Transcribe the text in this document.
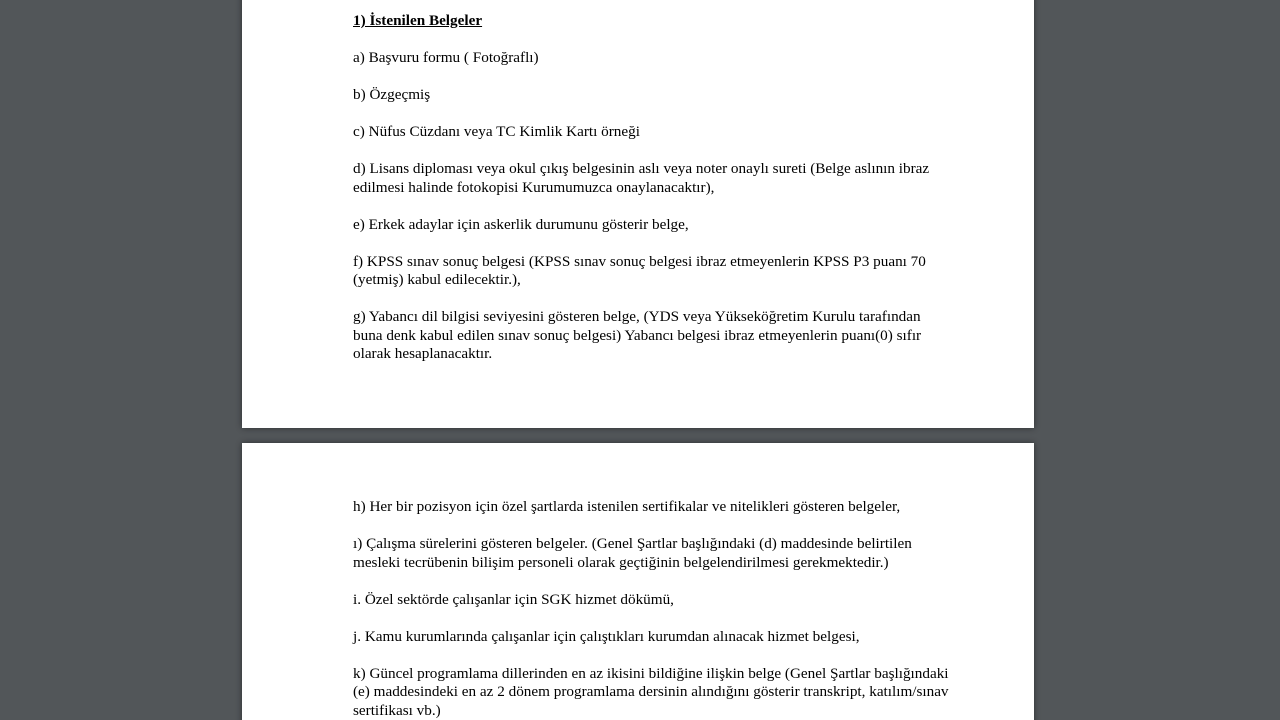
1) İstenilen Belgeler
a) Başvuru formu ( Fotoğraflı)
b) Özgeçmiş
c) Nüfus Cüzdanı veya TC Kimlik Kartı örneği
d) Lisans diploması veya okul çıkış belgesinin aslı veya noter onaylı sureti (Belge aslının ibraz edilmesi halinde fotokopisi Kurumumuzca onaylanacaktır),
e) Erkek adaylar için askerlik durumunu gösterir belge,
f) KPSS sınav sonuç belgesi (KPSS sınav sonuç belgesi ibraz etmeyenlerin KPSS P3 puanı 70 (yetmiş) kabul edilecektir.),
g) Yabancı dil bilgisi seviyesini gösteren belge, (YDS veya Yükseköğretim Kurulu tarafından buna denk kabul edilen sınav sonuç belgesi) Yabancı belgesi ibraz etmeyenlerin puanı(0) sıfır olarak hesaplanacaktır.
h) Her bir pozisyon için özel şartlarda istenilen sertifikalar ve nitelikleri gösteren belgeler,
ı) Çalışma sürelerini gösteren belgeler. (Genel Şartlar başlığındaki (d) maddesinde belirtilen mesleki tecrübenin bilişim personeli olarak geçtiğinin belgelendirilmesi gerekmektedir.)
i. Özel sektörde çalışanlar için SGK hizmet dökümü,
j. Kamu kurumlarında çalışanlar için çalıştıkları kurumdan alınacak hizmet belgesi,
k) Güncel programlama dillerinden en az ikisini bildiğine ilişkin belge (Genel Şartlar başlığındaki (e) maddesindeki en az 2 dönem programlama dersinin alındığını gösterir transkript, katılım/sınav sertifikası vb.)
